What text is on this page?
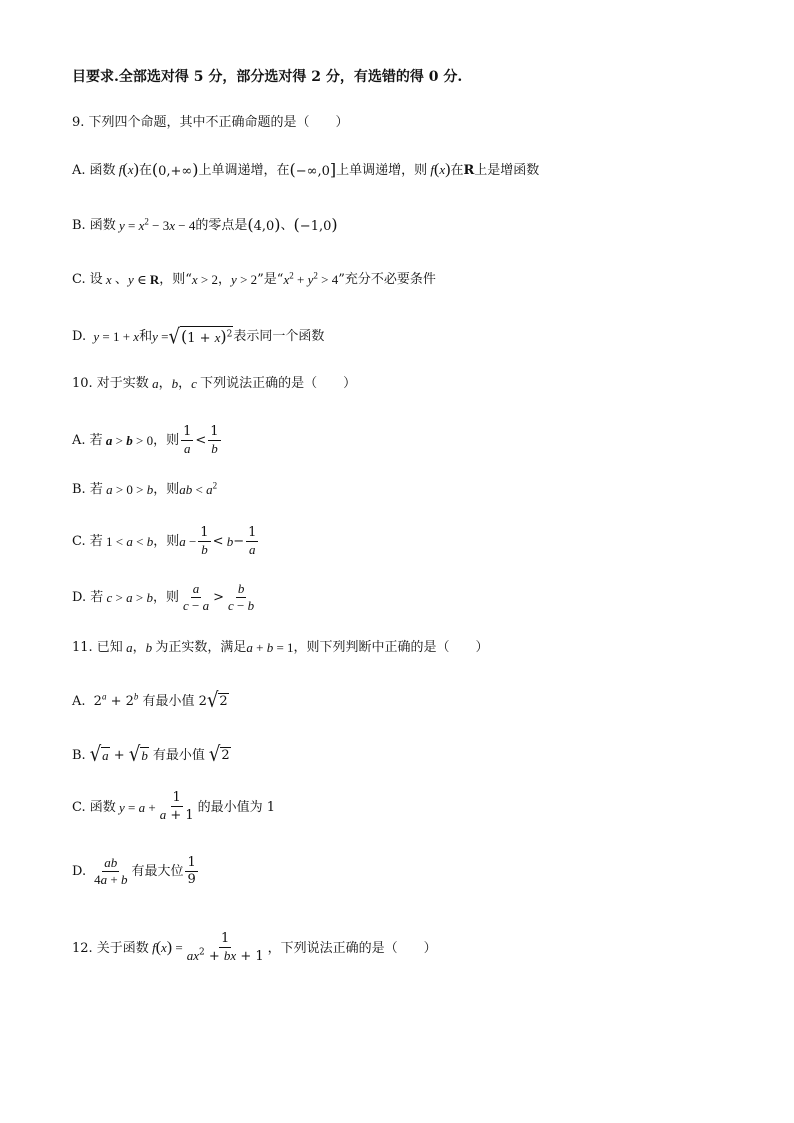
目要求.全部选对得 5 分，部分选对得 2 分，有选错的得 0 分.
9. 下列四个命题，其中不正确命题的是（　　）
A. 函数 f(x) 在 (0,+∞) 上单调递增，在 (−∞,0] 上单调递增，则 f(x) 在 R 上是增函数
B. 函数 $y = x^2 - 3x - 4$ 的零点是 (4,0) 、 (−1,0)
C. 设 x 、 y ∈ R ，则“ x > 2 ， y > 2 ”是“ $x^2 + y^2 > 4$ ”充分不必要条件
D. y = 1 + x 和 y = √ $(1 + x)^2$ 表示同一个函数
10. 对于实数 a ， b ， c 下列说法正确的是（　　）
A. 若 a > b > 0 ，则 $\frac{1}{a} < \frac{1}{b}$
B. 若 a > 0 > b ，则 ab < $a^2$
C. 若 1 < a < b ，则 $a - \frac{1}{b} < b - \frac{1}{a}$
D. 若 c > a > b ，则 $\frac{a}{c - a} > \frac{b}{c - b}$
11. 已知 a ， b 为正实数，满足 a + b = 1 ，则下列判断中正确的是（　　）
A. $2^a + 2^b$ 有最小值 2 √ 2
B. √ a + √ b 有最小值 √ 2
C. 函数 $y = a + \frac{1}{a + 1}$ 的最小值为 1
D. $\frac{ab}{4a + b}$ 有最大位 $\frac{1}{9}$
12. 关于函数 $f(x) = \frac{1}{ax^2 + bx + 1}$ ，下列说法正确的是（　　）
